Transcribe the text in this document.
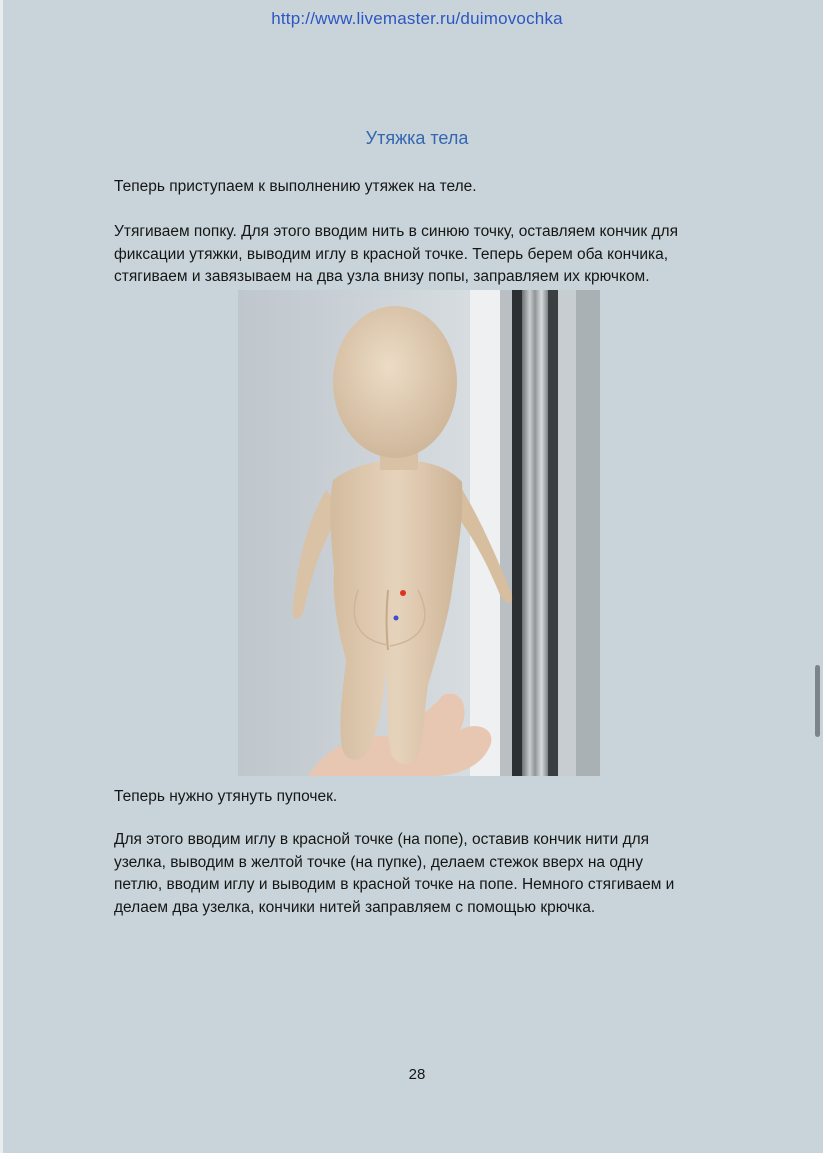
http://www.livemaster.ru/duimovochka
Утяжка тела

Теперь приступаем к выполнению утяжек на теле.

Утягиваем попку. Для этого вводим нить в синюю точку, оставляем кончик для
фиксации утяжки, выводим иглу в красной точке. Теперь берем оба кончика,
стягиваем и завязываем на два узла внизу попы, заправляем их крючком.

Теперь нужно утянуть пупочек.

Для этого вводим иглу в красной точке (на попе), оставив кончик нити для
узелка, выводим в желтой точке (на пупке), делаем стежок вверх на одну
петлю, вводим иглу и выводим в красной точке на попе. Немного стягиваем и
делаем два узелка, кончики нитей заправляем с помощью крючка.

28
